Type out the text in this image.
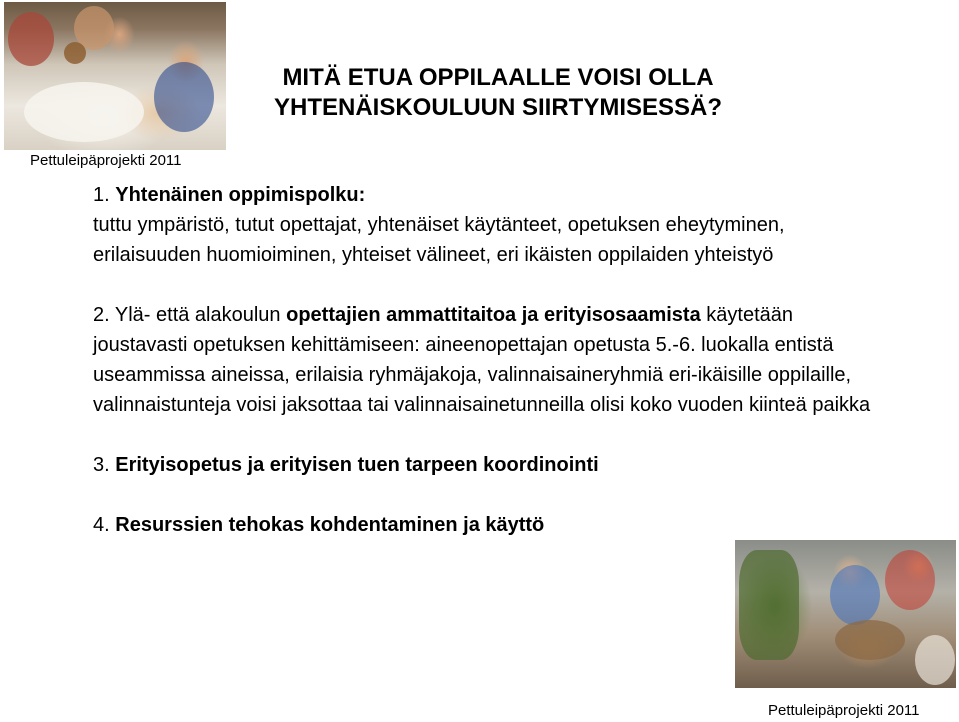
Pettuleipäprojekti 2011
MITÄ ETUA OPPILAALLE VOISI OLLA
YHTENÄISKOULUUN SIIRTYMISESSÄ?

1. Yhtenäinen oppimispolku:

tuttu ympäristö, tutut opettajat, yhtenäiset käytänteet, opetuksen eheytyminen, erilaisuuden huomioiminen, yhteiset välineet, eri ikäisten oppilaiden yhteistyö

2. Ylä- että alakoulun opettajien ammattitaitoa ja erityisosaamista käytetään joustavasti opetuksen kehittämiseen: aineenopettajan opetusta 5.-6. luokalla entistä useammissa aineissa, erilaisia ryhmäjakoja, valinnaisaineryhmiä eri-ikäisille oppilaille, valinnaistunteja voisi jaksottaa tai valinnaisainetunneilla olisi koko vuoden kiinteä paikka

3. Erityisopetus ja erityisen tuen tarpeen koordinointi

4. Resurssien tehokas kohdentaminen ja käyttö

Pettuleipäprojekti 2011
